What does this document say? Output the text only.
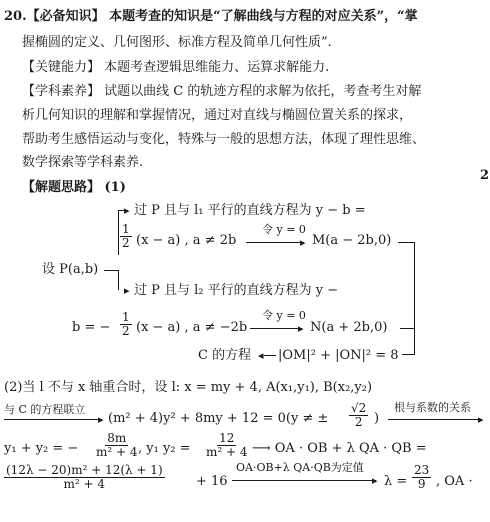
20.【必备知识】 本题考查的知识是“了解曲线与方程的对应关系”，“掌
握椭圆的定义、几何图形、标准方程及简单几何性质”.
【关键能力】 本题考查逻辑思维能力、运算求解能力.
【学科素养】 试题以曲线 C 的轨迹方程的求解为依托，考查考生对解
析几何知识的理解和掌握情况，通过对直线与椭圆位置关系的探求，
帮助考生感悟运动与变化，特殊与一般的思想方法，体现了理性思维、
数学探索等学科素养.
【解题思路】 (1)
2
▸ 过 P 且与 l₁ 平行的直线方程为 y − b =
$\frac{1}{2} (x - a)$ , a ≠ 2b
令 y = 0
▸ M(a − 2b,0)
设 P(a,b)
▸ 过 P 且与 l₂ 平行的直线方程为 y −
b = − $\frac{1}{2} (x - a)$ , a ≠ −2b
令 y = 0
▸ N(a + 2b,0)
C 的方程 ◂ |OM|² + |ON|² = 8
(2)当 l 不与 x 轴重合时，设 l: x = my + 4, A(x₁,y₁), B(x₂,y₂)
与 C 的方程联立
▸ (m² + 4)y² + 8my + 12 = 0(y ≠ ± $\frac{√2}{2}$ )
根与系数的关系
▸
y₁ + y₂ = − $\frac{8m}{\text{m² + 4}}$
, y₁ $y_2 = \frac{12}{\text{m² + 4}}$ ⟶ OA · OB + λ QA · QB =
$\frac{\text{(12λ − 20)m² + 12(λ + 1)}}{\text{m² + 4}} + 16$
OA·OB+λ QA·QB为定值
▸ $\lambda = \frac{23}{9}$ , OA ·
